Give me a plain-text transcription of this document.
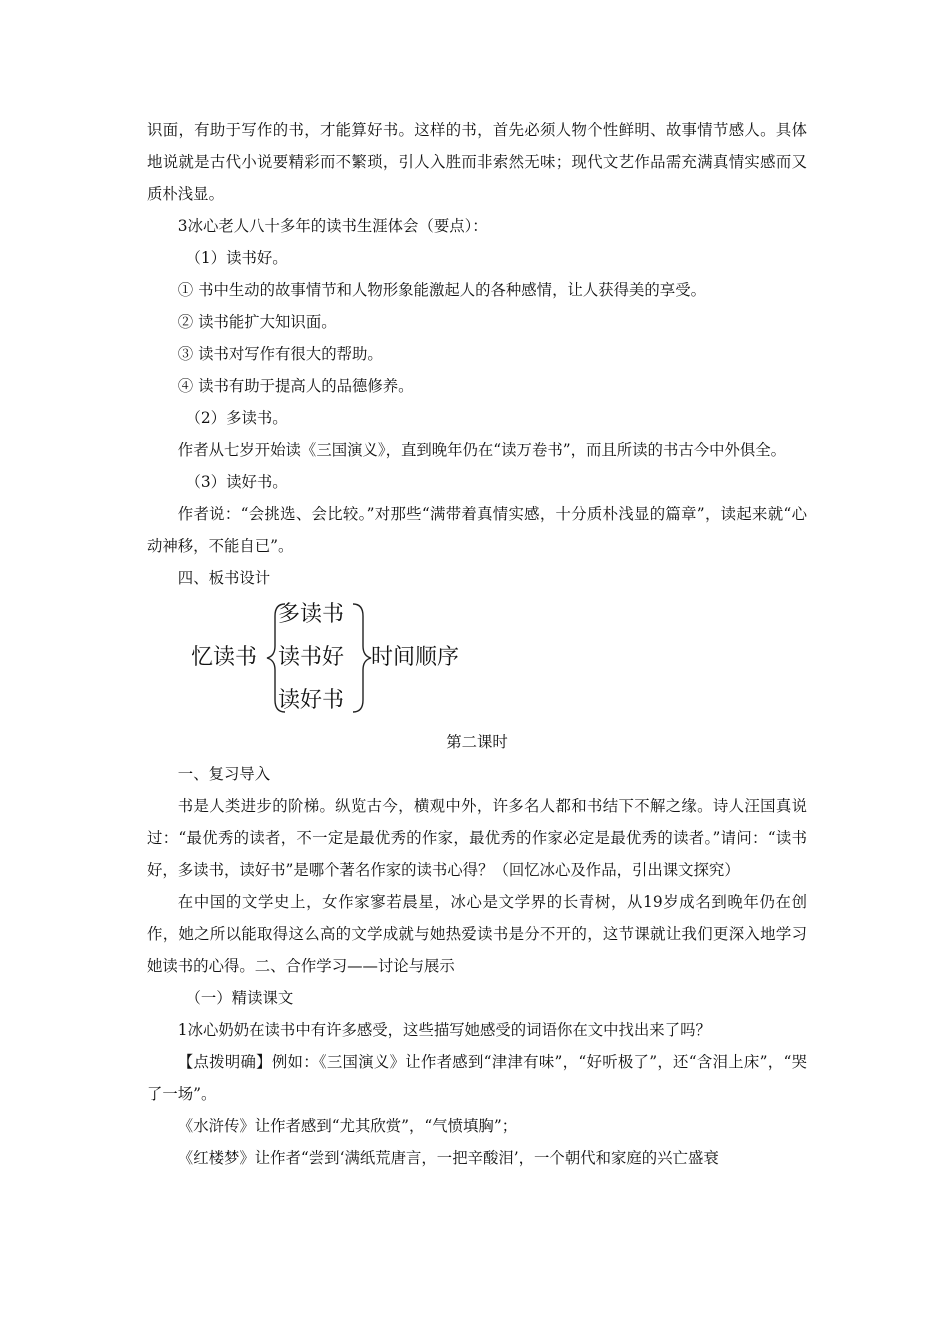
识面，有助于写作的书，才能算好书。这样的书，首先必须人物个性鲜明、故事情节感人。具体地说就是古代小说要精彩而不繁琐，引人入胜而非索然无味；现代文艺作品需充满真情实感而又质朴浅显。

3冰心老人八十多年的读书生涯体会（要点）：

（1）读书好。

① 书中生动的故事情节和人物形象能激起人的各种感情，让人获得美的享受。

② 读书能扩大知识面。

③ 读书对写作有很大的帮助。

④ 读书有助于提高人的品德修养。

（2）多读书。

作者从七岁开始读《三国演义》，直到晚年仍在“读万卷书”，而且所读的书古今中外俱全。

（3）读好书。

作者说：“会挑选、会比较。”对那些“满带着真情实感，十分质朴浅显的篇章”，读起来就“心动神移，不能自已”。

四、板书设计

忆读书
多读书
读书好
读好书
时间顺序

第二课时

一、复习导入

书是人类进步的阶梯。纵览古今，横观中外，许多名人都和书结下不解之缘。诗人汪国真说过：“最优秀的读者，不一定是最优秀的作家，最优秀的作家必定是最优秀的读者。”请问：“读书好，多读书，读好书”是哪个著名作家的读书心得？（回忆冰心及作品，引出课文探究）

在中国的文学史上，女作家寥若晨星，冰心是文学界的长青树，从19岁成名到晚年仍在创作，她之所以能取得这么高的文学成就与她热爱读书是分不开的，这节课就让我们更深入地学习她读书的心得。二、合作学习——讨论与展示

（一）精读课文

1冰心奶奶在读书中有许多感受，这些描写她感受的词语你在文中找出来了吗？

【点拨明确】例如：《三国演义》让作者感到“津津有味”，“好听极了”，还“含泪上床”，“哭了一场”。

《水浒传》让作者感到“尤其欣赏”，“气愤填胸”；

《红楼梦》让作者“尝到‘满纸荒唐言，一把辛酸泪’，一个朝代和家庭的兴亡盛衰
